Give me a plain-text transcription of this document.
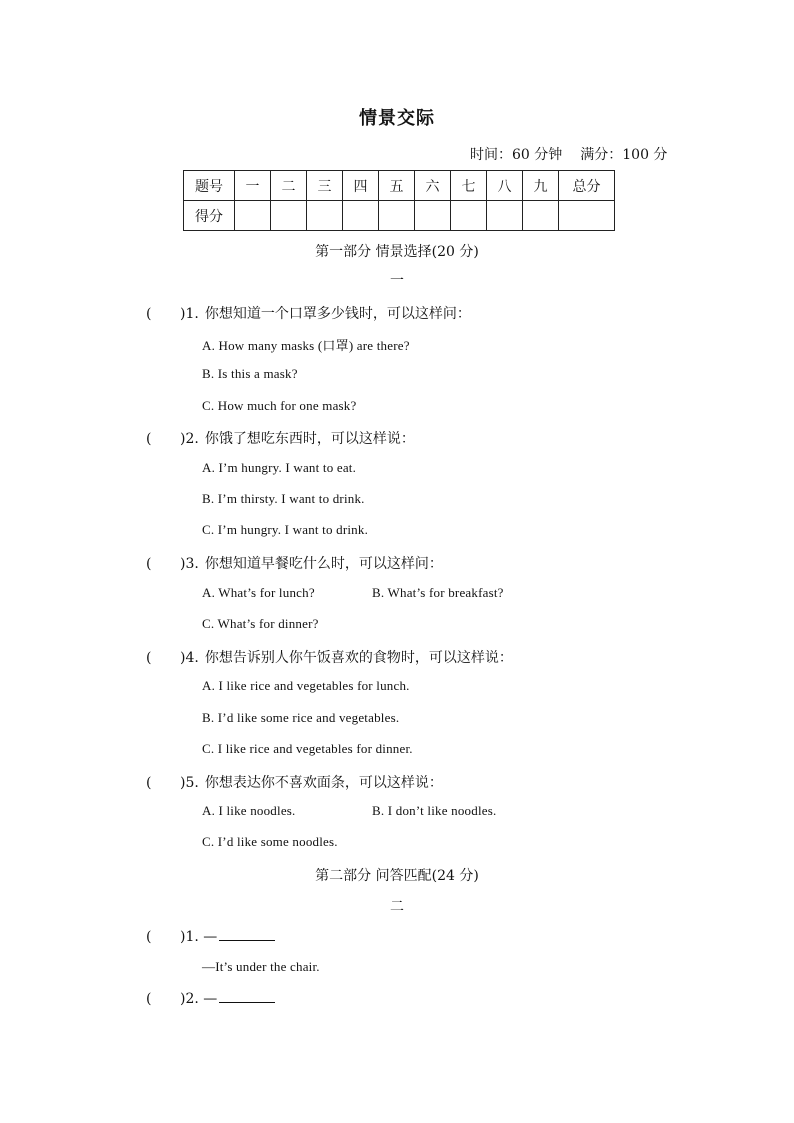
情景交际
时间：60 分钟 满分：100 分
题号	一	二	三	四	五	六	七	八	九	总分
得分										
第一部分 情景选择(20 分)
一
( )1. 你想知道一个口罩多少钱时，可以这样问：
A. How many masks (口罩) are there?
B. Is this a mask?
C. How much for one mask?
( )2. 你饿了想吃东西时，可以这样说：
A. I’m hungry. I want to eat.
B. I’m thirsty. I want to drink.
C. I’m hungry. I want to drink.
( )3. 你想知道早餐吃什么时，可以这样问：
A. What’s for lunch?	B. What’s for breakfast?
C. What’s for dinner?
( )4. 你想告诉别人你午饭喜欢的食物时，可以这样说：
A. I like rice and vegetables for lunch.
B. I’d like some rice and vegetables.
C. I like rice and vegetables for dinner.
( )5. 你想表达你不喜欢面条，可以这样说：
A. I like noodles.	B. I don’t like noodles.
C. I’d like some noodles.
第二部分 问答匹配(24 分)
二
( )1. —
—It’s under the chair.
( )2. —
